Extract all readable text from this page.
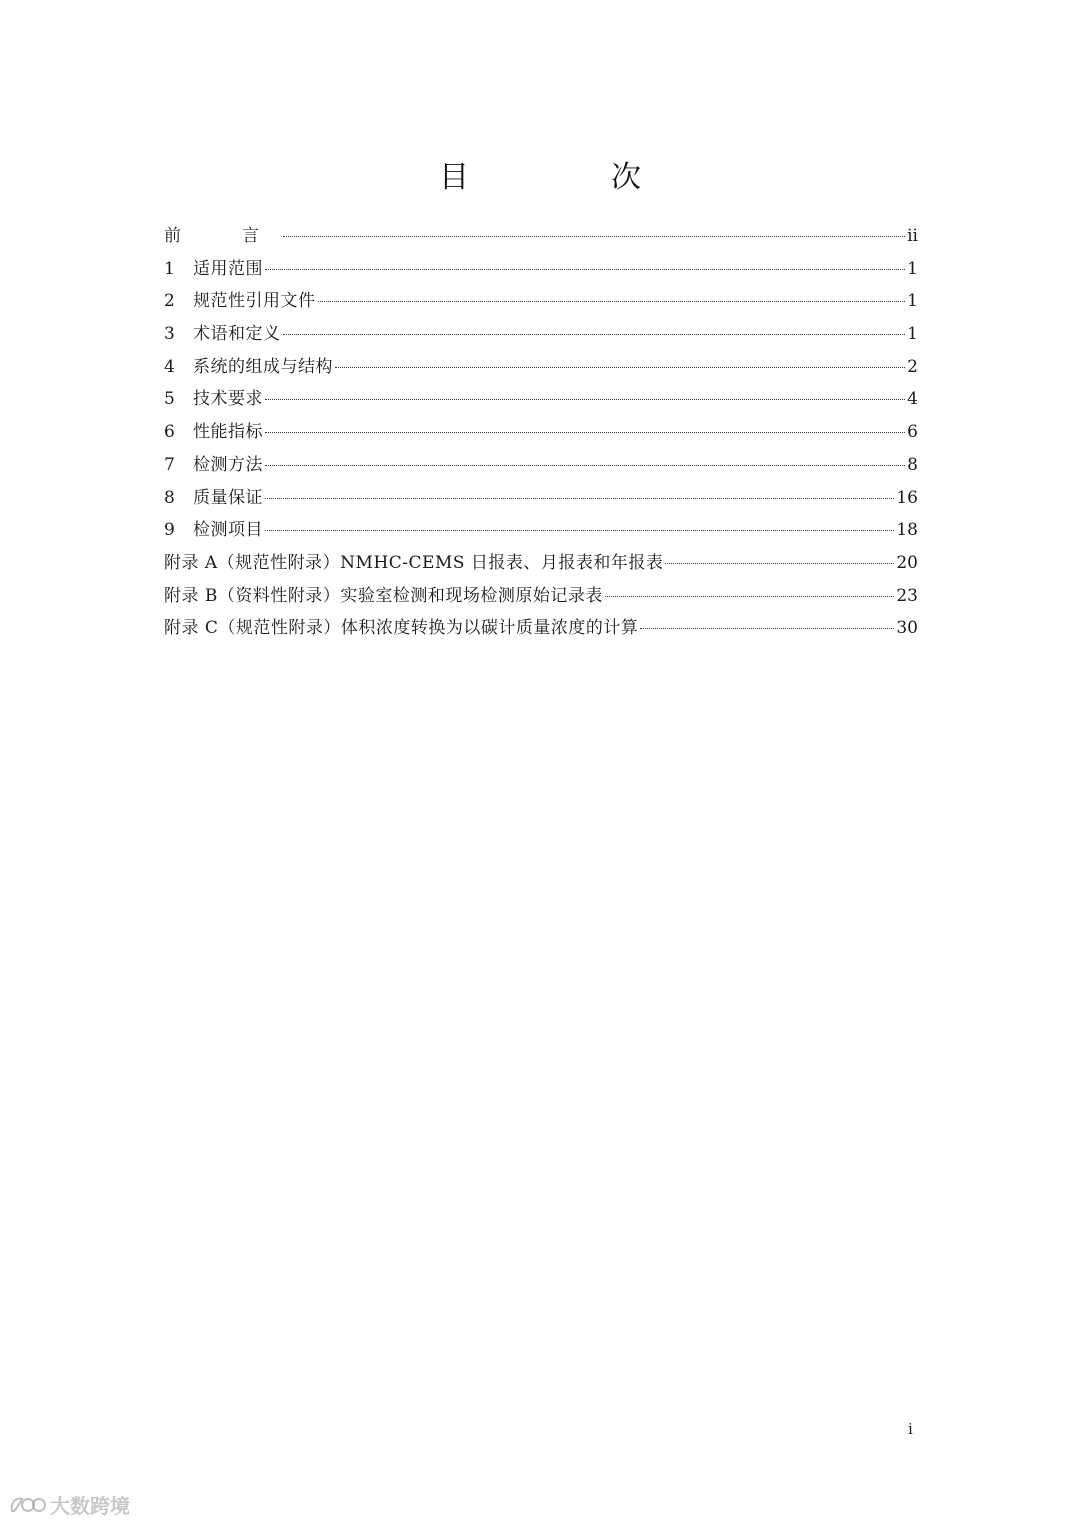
目　次
前　言	ii
1	适用范围	1
2	规范性引用文件	1
3	术语和定义	1
4	系统的组成与结构	2
5	技术要求	4
6	性能指标	6
7	检测方法	8
8	质量保证	16
9	检测项目	18
附录 A（规范性附录）NMHC-CEMS 日报表、月报表和年报表	20
附录 B（资料性附录）实验室检测和现场检测原始记录表	23
附录 C（规范性附录）体积浓度转换为以碳计质量浓度的计算	30
i
大数跨境
